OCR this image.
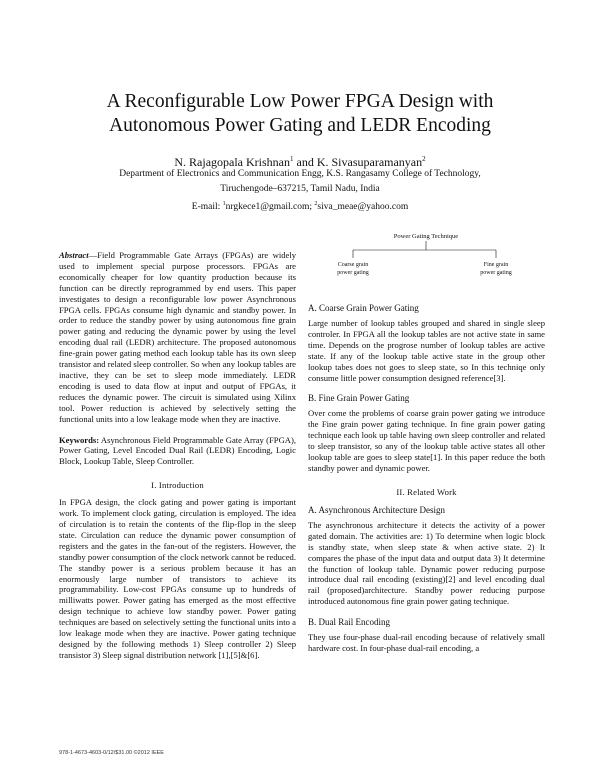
A Reconfigurable Low Power FPGA Design with
Autonomous Power Gating and LEDR Encoding
N. Rajagopala Krishnan$^1$ and K. Sivasuparamanyan$^2$
Department of Electronics and Communication Engg, K.S. Rangasamy College of Technology,
Tiruchengode–637215, Tamil Nadu, India
E-mail: $^1$nrgkece1@gmail.com; $^2$siva_meae@yahoo.com

Abstract—Field Programmable Gate Arrays (FPGAs) are widely used to implement special purpose processors. FPGAs are economically cheaper for low quantity production because its function can be directly reprogrammed by end users. This paper investigates to design a reconfigurable low power Asynchronous FPGA cells. FPGAs consume high dynamic and standby power. In order to reduce the standby power by using autonomous fine grain power gating and reducing the dynamic power by using the level encoding dual rail (LEDR) architecture. The proposed autonomous fine-grain power gating method each lookup table has its own sleep transistor and related sleep controller. So when any lookup tables are inactive, they can be set to sleep mode immediately. LEDR encoding is used to data flow at input and output of FPGAs, it reduces the dynamic power. The circuit is simulated using Xilinx tool. Power reduction is achieved by selectively setting the functional units into a low leakage mode when they are inactive.

Keywords: Asynchronous Field Programmable Gate Array (FPGA), Power Gating, Level Encoded Dual Rail (LEDR) Encoding, Logic Block, Lookup Table, Sleep Controller.

I. Introduction

In FPGA design, the clock gating and power gating is important work. To implement clock gating, circulation is employed. The idea of circulation is to retain the contents of the flip-flop in the sleep state. Circulation can reduce the dynamic power consumption of registers and the gates in the fan-out of the registers. However, the standby power consumption of the clock network cannot be reduced. The standby power is a serious problem because it has an enormously large number of transistors to achieve its programmability. Low-cost FPGAs consume up to hundreds of milliwatts power. Power gating has emerged as the most effective design technique to achieve low standby power. Power gating techniques are based on selectively setting the functional units into a low leakage mode when they are inactive. Power gating technique designed by the following methods 1) Sleep controller 2) Sleep transistor 3) Sleep signal distribution network [1],[5]&[6].

Power Gating Technique
Coarse grain
power gating
Fine grain
power gating

A. Coarse Grain Power Gating

Large number of lookup tables grouped and shared in single sleep controler. In FPGA all the lookup tables are not active state in same time. Depends on the progrose number of lookup tables are active state. If any of the lookup table active state in the group other lookup tabes does not goes to sleep state, so In this techniqe only consume little power consumption designed reference[3].

B. Fine Grain Power Gating

Over come the problems of coarse grain power gating we introduce the Fine grain power gating technique. In fine grain power gating technique each look up table having own sleep controller and related to sleep transistor, so any of the lookup table active states all other lookup table are goes to sleep state[1]. In this paper reduce the both standby power and dynamic power.

II. Related Work

A. Asynchronous Architecture Design

The asynchronous architecture it detects the activity of a power gated domain. The activities are: 1) To determine when logic block is standby state, when sleep state & when active state. 2) It compares the phase of the input data and output data 3) It determine the function of lookup table. Dynamic power reducing purpose introduce dual rail encoding (existing)[2] and level encoding dual rail (proposed)architecture. Standby power reducing purpose introduced autonomous fine grain power gating technique.

B. Dual Rail Encoding

They use four-phase dual-rail encoding because of relatively small hardware cost. In four-phase dual-rail encoding, a

978-1-4673-4603-0/12/$31.00 ©2012 IEEE
